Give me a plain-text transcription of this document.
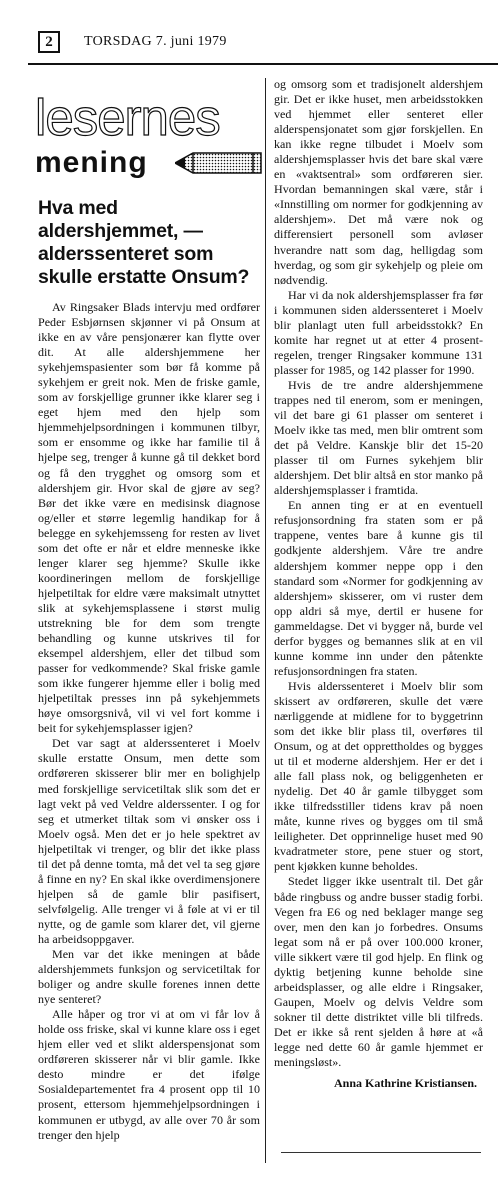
2	TORSDAG 7. juni 1979
lesernes
mening
Hva med aldershjemmet, — alderssenteret som skulle erstatte Onsum?

Av Ringsaker Blads intervju med ordfører Peder Esbjørnsen skjønner vi på Onsum at ikke en av våre pensjonærer kan flytte over dit. At alle aldershjemmene her sykehjemspasienter som bør få komme på sykehjem er greit nok. Men de friske gamle, som av forskjellige grunner ikke klarer seg i eget hjem med den hjelp som hjemmehjelpsordningen i kommunen tilbyr, som er ensomme og ikke har familie til å hjelpe seg, trenger å kunne gå til dekket bord og få den trygghet og omsorg som et aldershjem gir. Hvor skal de gjøre av seg? Bør det ikke være en medisinsk diagnose og/eller et større legemlig handikap for å belegge en sykehjemsseng for resten av livet som det ofte er når et eldre menneske ikke lenger klarer seg hjemme? Skulle ikke koordineringen mellom de forskjellige hjelpetiltak for eldre være maksimalt utnyttet slik at sykehjemsplassene i størst mulig utstrekning ble for dem som trengte behandling og kunne utskrives til for eksempel aldershjem, eller det tilbud som passer for vedkommende? Skal friske gamle som ikke fungerer hjemme eller i bolig med hjelpetiltak presses inn på sykehjemmets høye omsorgsnivå, vil vi vel fort komme i beit for sykehjemsplasser igjen?

Det var sagt at alderssenteret i Moelv skulle erstatte Onsum, men dette som ordføreren skisserer blir mer en bolighjelp med forskjellige servicetiltak slik som det er lagt vekt på ved Veldre alderssenter. I og for seg et utmerket tiltak som vi ønsker oss i Moelv også. Men det er jo hele spektret av hjelpetiltak vi trenger, og blir det ikke plass til det på denne tomta, må det vel ta seg gjøre å finne en ny? En skal ikke overdimensjonere hjelpen så de gamle blir pasifisert, selvfølgelig. Alle trenger vi å føle at vi er til nytte, og de gamle som klarer det, vil gjerne ha arbeidsoppgaver.

Men var det ikke meningen at både aldershjemmets funksjon og servicetiltak for boliger og andre skulle forenes innen dette nye senteret?

Alle håper og tror vi at om vi får lov å holde oss friske, skal vi kunne klare oss i eget hjem eller ved et slikt alderspensjonat som ordføreren skisserer når vi blir gamle. Ikke desto mindre er det ifølge Sosialdepartementet fra 4 prosent opp til 10 prosent, ettersom hjemmehjelpsordningen i kommunen er utbygd, av alle over 70 år som trenger den hjelp

og omsorg som et tradisjonelt aldershjem gir. Det er ikke huset, men arbeidsstokken ved hjemmet eller senteret eller alderspensjonatet som gjør forskjellen. En kan ikke regne tilbudet i Moelv som aldershjemsplasser hvis det bare skal være en «vaktsentral» som ordføreren sier. Hvordan bemanningen skal være, står i «Innstilling om normer for godkjenning av aldershjem». Det må være nok og differensiert personell som avløser hverandre natt som dag, helligdag som hverdag, og som gir sykehjelp og pleie om nødvendig.

Har vi da nok aldershjemsplasser fra før i kommunen siden alderssenteret i Moelv blir planlagt uten full arbeidsstokk? En komite har regnet ut at etter 4 prosent-regelen, trenger Ringsaker kommune 131 plasser for 1985, og 142 plasser for 1990.

Hvis de tre andre aldershjemmene trappes ned til enerom, som er meningen, vil det bare gi 61 plasser om senteret i Moelv ikke tas med, men blir omtrent som det på Veldre. Kanskje blir det 15-20 plasser til om Furnes sykehjem blir aldershjem. Det blir altså en stor manko på aldershjemsplasser i framtida.

En annen ting er at en eventuell refusjonsordning fra staten som er på trappene, ventes bare å kunne gis til godkjente aldershjem. Våre tre andre aldershjem kommer neppe opp i den standard som «Normer for godkjenning av aldershjem» skisserer, om vi ruster dem opp aldri så mye, dertil er husene for gammeldagse. Det vi bygger nå, burde vel derfor bygges og bemannes slik at en vil kunne komme inn under den påtenkte refusjonsordningen fra staten.

Hvis alderssenteret i Moelv blir som skissert av ordføreren, skulle det være nærliggende at midlene for to byggetrinn som det ikke blir plass til, overføres til Onsum, og at det opprettholdes og bygges ut til et moderne aldershjem. Her er det i alle fall plass nok, og beliggenheten er nydelig. Det 40 år gamle tilbygget som ikke tilfredsstiller tidens krav på noen måte, kunne rives og bygges om til små leiligheter. Det opprinnelige huset med 90 kvadratmeter store, pene stuer og stort, pent kjøkken kunne beholdes.

Stedet ligger ikke usentralt til. Det går både ringbuss og andre busser stadig forbi. Vegen fra E6 og ned beklager mange seg over, men den kan jo forbedres. Onsums legat som nå er på over 100.000 kroner, ville sikkert være til god hjelp. En flink og dyktig betjening kunne beholde sine arbeidsplasser, og alle eldre i Ringsaker, Gaupen, Moelv og delvis Veldre som sokner til dette distriktet ville bli tilfreds. Det er ikke så rent sjelden å høre at «å legge ned dette 60 år gamle hjemmet er meningsløst».

Anna Kathrine Kristiansen.
